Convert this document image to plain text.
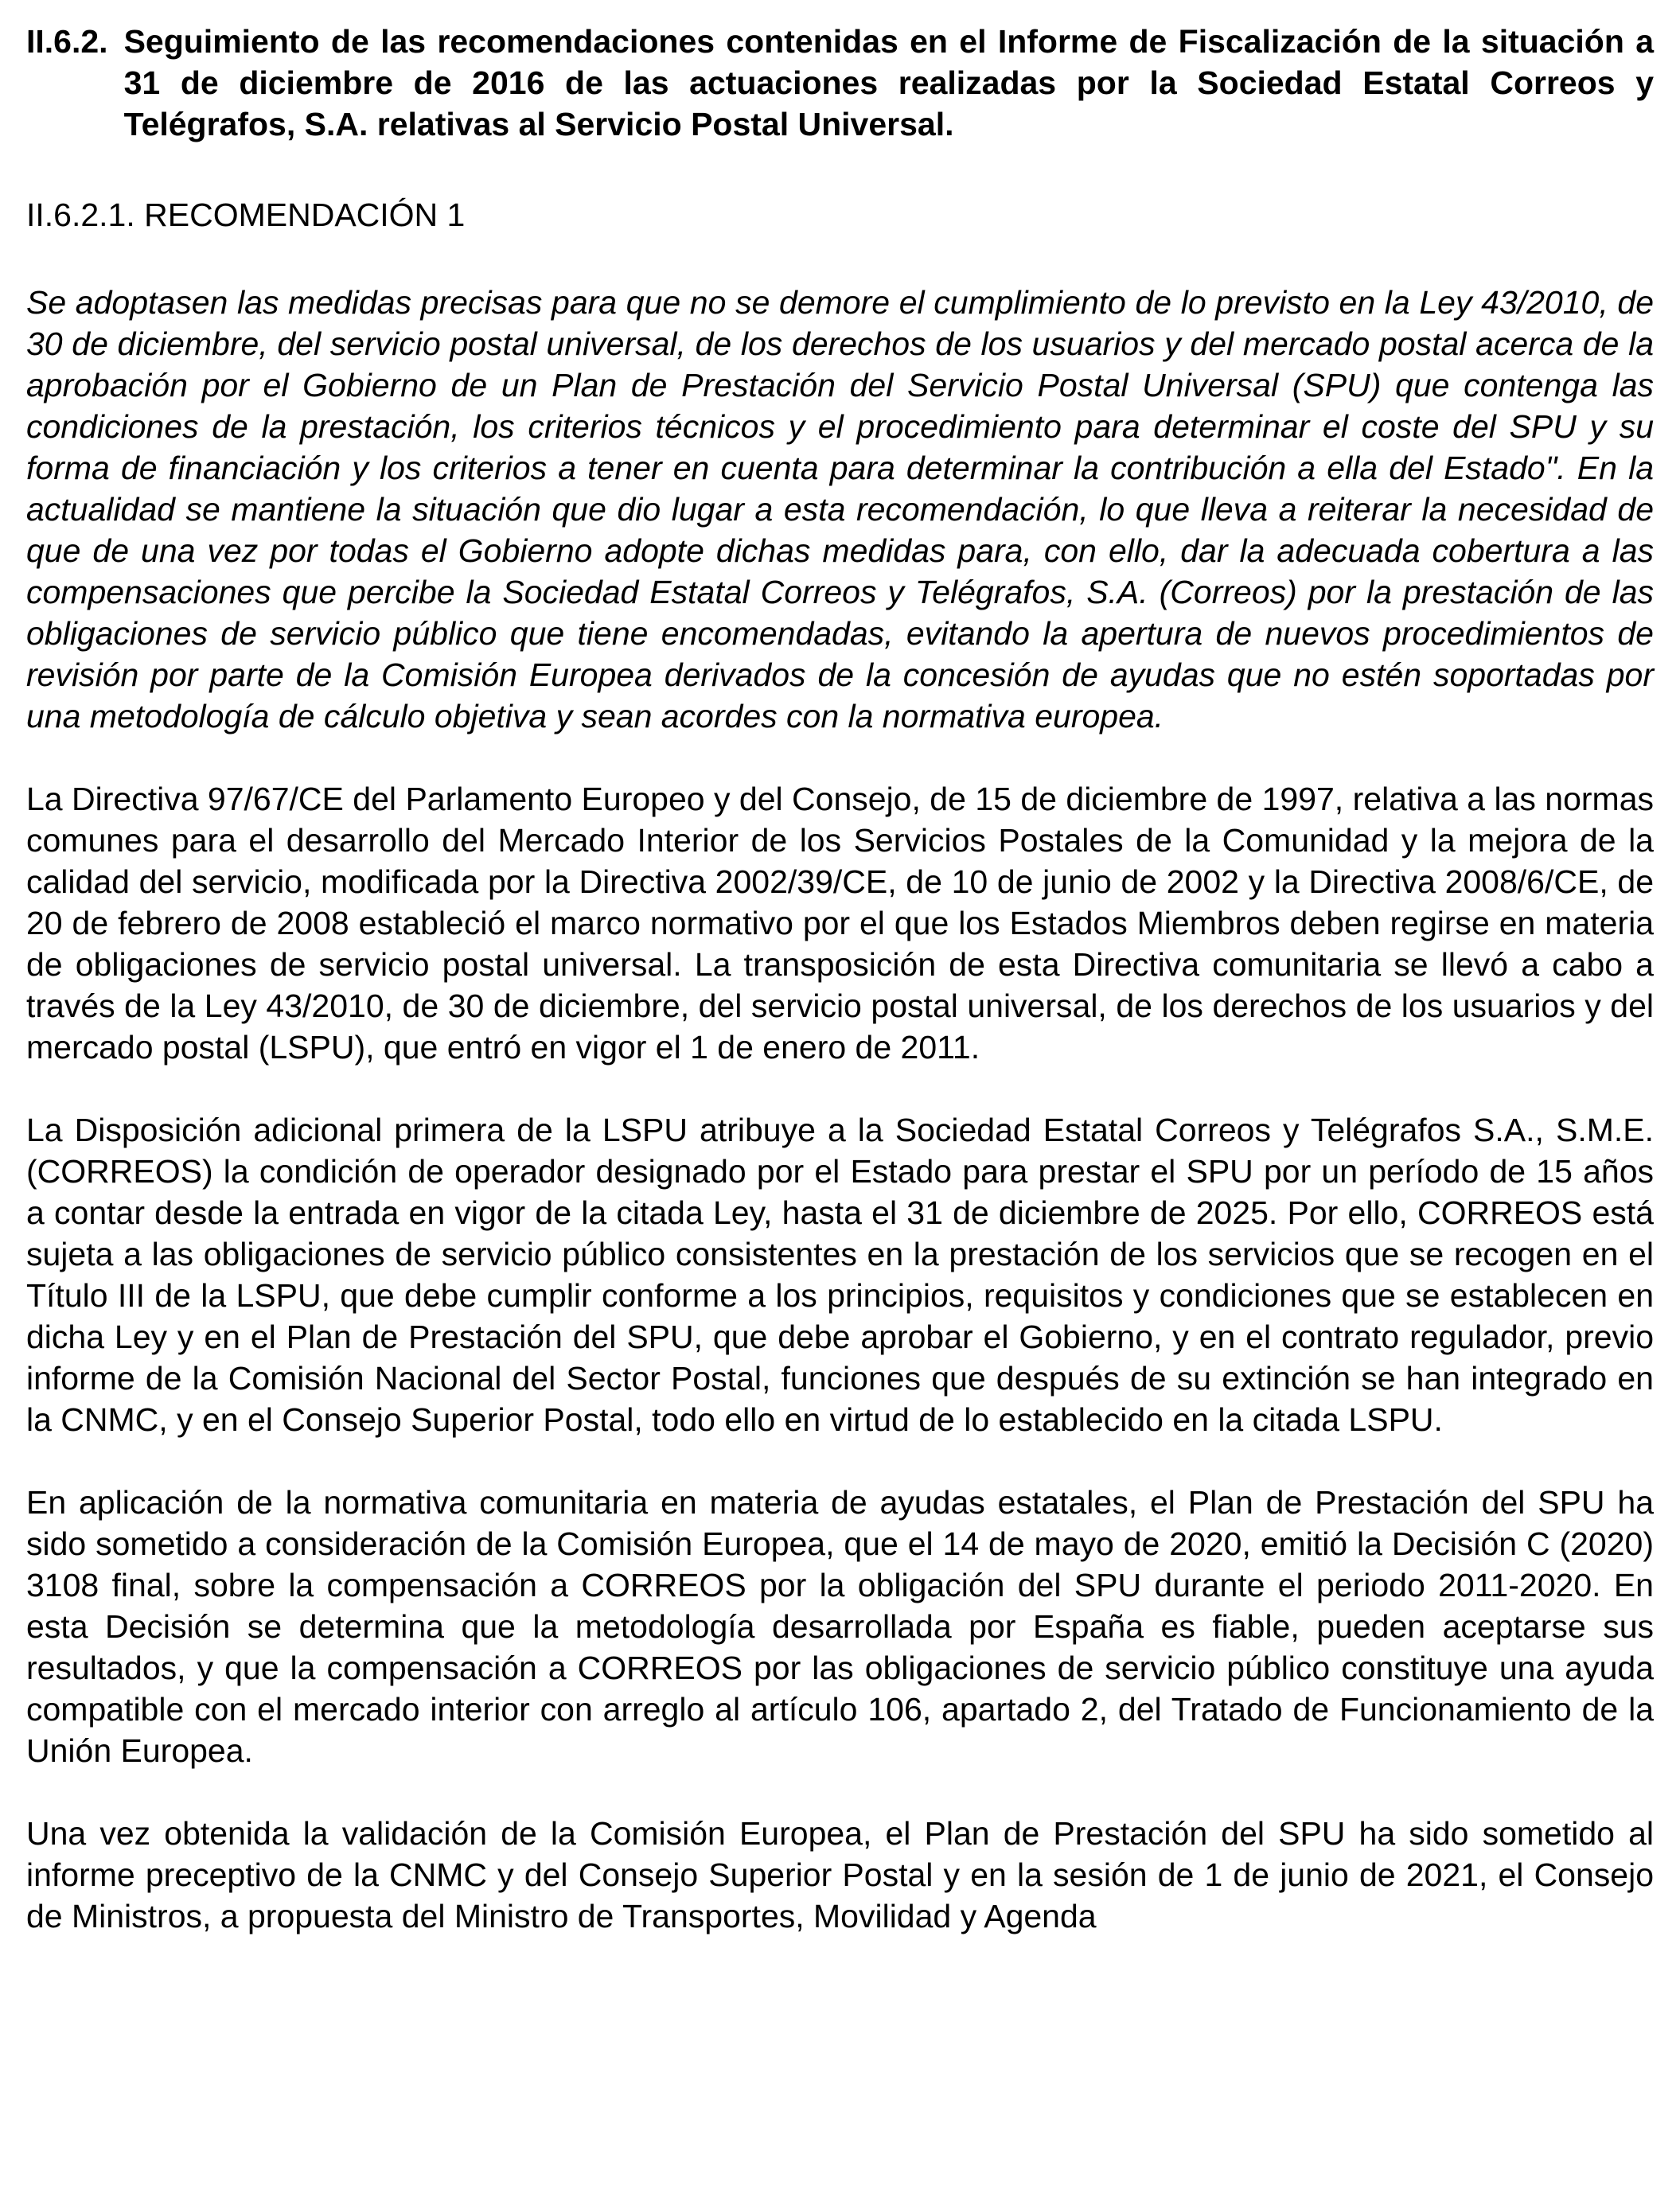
II.6.2. Seguimiento de las recomendaciones contenidas en el Informe de Fiscalización de la situación a 31 de diciembre de 2016 de las actuaciones realizadas por la Sociedad Estatal Correos y Telégrafos, S.A. relativas al Servicio Postal Universal.
II.6.2.1. RECOMENDACIÓN 1

Se adoptasen las medidas precisas para que no se demore el cumplimiento de lo previsto en la Ley 43/2010, de 30 de diciembre, del servicio postal universal, de los derechos de los usuarios y del mercado postal acerca de la aprobación por el Gobierno de un Plan de Prestación del Servicio Postal Universal (SPU) que contenga las condiciones de la prestación, los criterios técnicos y el procedimiento para determinar el coste del SPU y su forma de financiación y los criterios a tener en cuenta para determinar la contribución a ella del Estado". En la actualidad se mantiene la situación que dio lugar a esta recomendación, lo que lleva a reiterar la necesidad de que de una vez por todas el Gobierno adopte dichas medidas para, con ello, dar la adecuada cobertura a las compensaciones que percibe la Sociedad Estatal Correos y Telégrafos, S.A. (Correos) por la prestación de las obligaciones de servicio público que tiene encomendadas, evitando la apertura de nuevos procedimientos de revisión por parte de la Comisión Europea derivados de la concesión de ayudas que no estén soportadas por una metodología de cálculo objetiva y sean acordes con la normativa europea.

La Directiva 97/67/CE del Parlamento Europeo y del Consejo, de 15 de diciembre de 1997, relativa a las normas comunes para el desarrollo del Mercado Interior de los Servicios Postales de la Comunidad y la mejora de la calidad del servicio, modificada por la Directiva 2002/39/CE, de 10 de junio de 2002 y la Directiva 2008/6/CE, de 20 de febrero de 2008 estableció el marco normativo por el que los Estados Miembros deben regirse en materia de obligaciones de servicio postal universal. La transposición de esta Directiva comunitaria se llevó a cabo a través de la Ley 43/2010, de 30 de diciembre, del servicio postal universal, de los derechos de los usuarios y del mercado postal (LSPU), que entró en vigor el 1 de enero de 2011.

La Disposición adicional primera de la LSPU atribuye a la Sociedad Estatal Correos y Telégrafos S.A., S.M.E. (CORREOS) la condición de operador designado por el Estado para prestar el SPU por un período de 15 años a contar desde la entrada en vigor de la citada Ley, hasta el 31 de diciembre de 2025. Por ello, CORREOS está sujeta a las obligaciones de servicio público consistentes en la prestación de los servicios que se recogen en el Título III de la LSPU, que debe cumplir conforme a los principios, requisitos y condiciones que se establecen en dicha Ley y en el Plan de Prestación del SPU, que debe aprobar el Gobierno, y en el contrato regulador, previo informe de la Comisión Nacional del Sector Postal, funciones que después de su extinción se han integrado en la CNMC, y en el Consejo Superior Postal, todo ello en virtud de lo establecido en la citada LSPU.

En aplicación de la normativa comunitaria en materia de ayudas estatales, el Plan de Prestación del SPU ha sido sometido a consideración de la Comisión Europea, que el 14 de mayo de 2020, emitió la Decisión C (2020) 3108 final, sobre la compensación a CORREOS por la obligación del SPU durante el periodo 2011-2020. En esta Decisión se determina que la metodología desarrollada por España es fiable, pueden aceptarse sus resultados, y que la compensación a CORREOS por las obligaciones de servicio público constituye una ayuda compatible con el mercado interior con arreglo al artículo 106, apartado 2, del Tratado de Funcionamiento de la Unión Europea.

Una vez obtenida la validación de la Comisión Europea, el Plan de Prestación del SPU ha sido sometido al informe preceptivo de la CNMC y del Consejo Superior Postal y en la sesión de 1 de junio de 2021, el Consejo de Ministros, a propuesta del Ministro de Transportes, Movilidad y Agenda
